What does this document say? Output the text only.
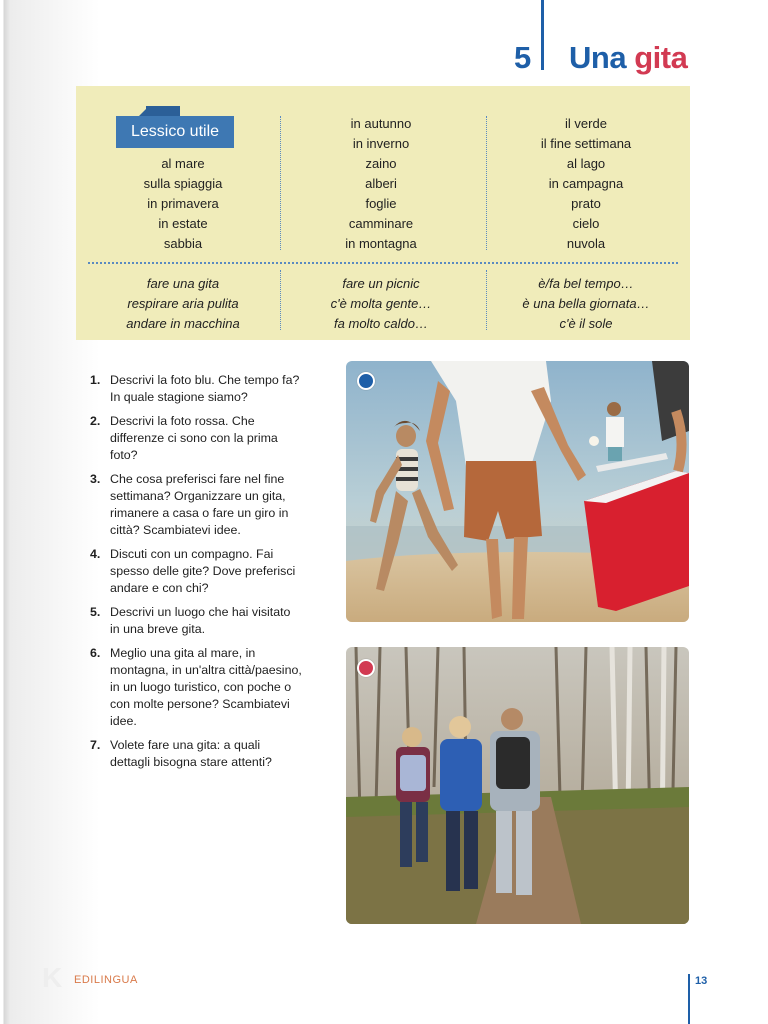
5 Una gita
Lessico utile
al mare
sulla spiaggia
in primavera
in estate
sabbia
in autunno
in inverno
zaino
alberi
foglie
camminare
in montagna
il verde
il fine settimana
al lago
in campagna
prato
cielo
nuvola
fare una gita
respirare aria pulita
andare in macchina
fare un picnic
c'è molta gente…
fa molto caldo…
è/fa bel tempo…
è una bella giornata…
c'è il sole
1. Descrivi la foto blu. Che tempo fa? In quale stagione siamo?
2. Descrivi la foto rossa. Che differenze ci sono con la prima foto?
3. Che cosa preferisci fare nel fine settimana? Organizzare un gita, rimanere a casa o fare un giro in città? Scambiatevi idee.
4. Discuti con un compagno. Fai spesso delle gite? Dove preferisci andare e con chi?
5. Descrivi un luogo che hai visitato in una breve gita.
6. Meglio una gita al mare, in montagna, in un'altra città/paesino, in un luogo turistico, con poche o con molte persone? Scambiatevi idee.
7. Volete fare una gita: a quali dettagli bisogna stare attenti?
K EDILINGUA	13
